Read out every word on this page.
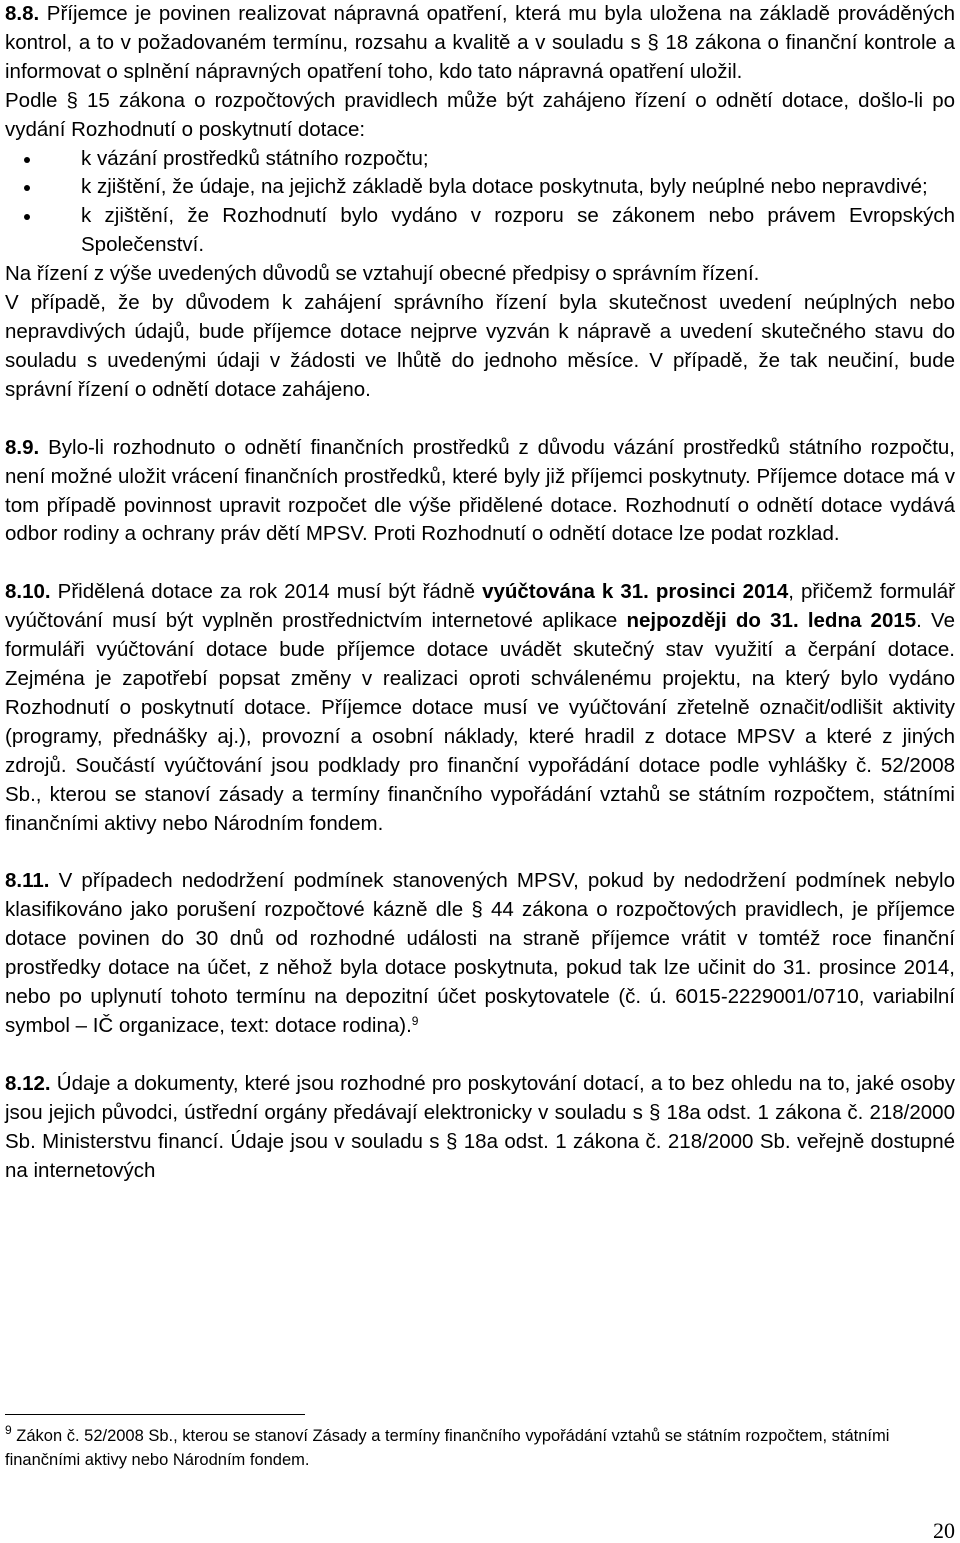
8.8. Příjemce je povinen realizovat nápravná opatření, která mu byla uložena na základě prováděných kontrol, a to v požadovaném termínu, rozsahu a kvalitě a v souladu s § 18 zákona o finanční kontrole a informovat o splnění nápravných opatření toho, kdo tato nápravná opatření uložil.

Podle § 15 zákona o rozpočtových pravidlech může být zahájeno řízení o odnětí dotace, došlo-li po vydání Rozhodnutí o poskytnutí dotace:

k vázání prostředků státního rozpočtu;
k zjištění, že údaje, na jejichž základě byla dotace poskytnuta, byly neúplné nebo nepravdivé;
k zjištění, že Rozhodnutí bylo vydáno v rozporu se zákonem nebo právem Evropských Společenství.

Na řízení z výše uvedených důvodů se vztahují obecné předpisy o správním řízení.

V případě, že by důvodem k zahájení správního řízení byla skutečnost uvedení neúplných nebo nepravdivých údajů, bude příjemce dotace nejprve vyzván k nápravě a uvedení skutečného stavu do souladu s uvedenými údaji v žádosti ve lhůtě do jednoho měsíce. V případě, že tak neučiní, bude správní řízení o odnětí dotace zahájeno.

8.9. Bylo-li rozhodnuto o odnětí finančních prostředků z důvodu vázání prostředků státního rozpočtu, není možné uložit vrácení finančních prostředků, které byly již příjemci poskytnuty. Příjemce dotace má v tom případě povinnost upravit rozpočet dle výše přidělené dotace. Rozhodnutí o odnětí dotace vydává odbor rodiny a ochrany práv dětí MPSV. Proti Rozhodnutí o odnětí dotace lze podat rozklad.

8.10. Přidělená dotace za rok 2014 musí být řádně vyúčtována k 31. prosinci 2014, přičemž formulář vyúčtování musí být vyplněn prostřednictvím internetové aplikace nejpozději do 31. ledna 2015. Ve formuláři vyúčtování dotace bude příjemce dotace uvádět skutečný stav využití a čerpání dotace. Zejména je zapotřebí popsat změny v realizaci oproti schválenému projektu, na který bylo vydáno Rozhodnutí o poskytnutí dotace. Příjemce dotace musí ve vyúčtování zřetelně označit/odlišit aktivity (programy, přednášky aj.), provozní a osobní náklady, které hradil z dotace MPSV a které z jiných zdrojů. Součástí vyúčtování jsou podklady pro finanční vypořádání dotace podle vyhlášky č. 52/2008 Sb., kterou se stanoví zásady a termíny finančního vypořádání vztahů se státním rozpočtem, státními finančními aktivy nebo Národním fondem.

8.11. V případech nedodržení podmínek stanovených MPSV, pokud by nedodržení podmínek nebylo klasifikováno jako porušení rozpočtové kázně dle § 44 zákona o rozpočtových pravidlech, je příjemce dotace povinen do 30 dnů od rozhodné události na straně příjemce vrátit v tomtéž roce finanční prostředky dotace na účet, z něhož byla dotace poskytnuta, pokud tak lze učinit do 31. prosince 2014, nebo po uplynutí tohoto termínu na depozitní účet poskytovatele (č. ú. 6015-2229001/0710, variabilní symbol – IČ organizace, text: dotace rodina).$^9$

8.12. Údaje a dokumenty, které jsou rozhodné pro poskytování dotací, a to bez ohledu na to, jaké osoby jsou jejich původci, ústřední orgány předávají elektronicky v souladu s § 18a odst. 1 zákona č. 218/2000 Sb. Ministerstvu financí. Údaje jsou v souladu s § 18a odst. 1 zákona č. 218/2000 Sb. veřejně dostupné na internetových

$^9$ Zákon č. 52/2008 Sb., kterou se stanoví Zásady a termíny finančního vypořádání vztahů se státním rozpočtem, státními finančními aktivy nebo Národním fondem.
20
